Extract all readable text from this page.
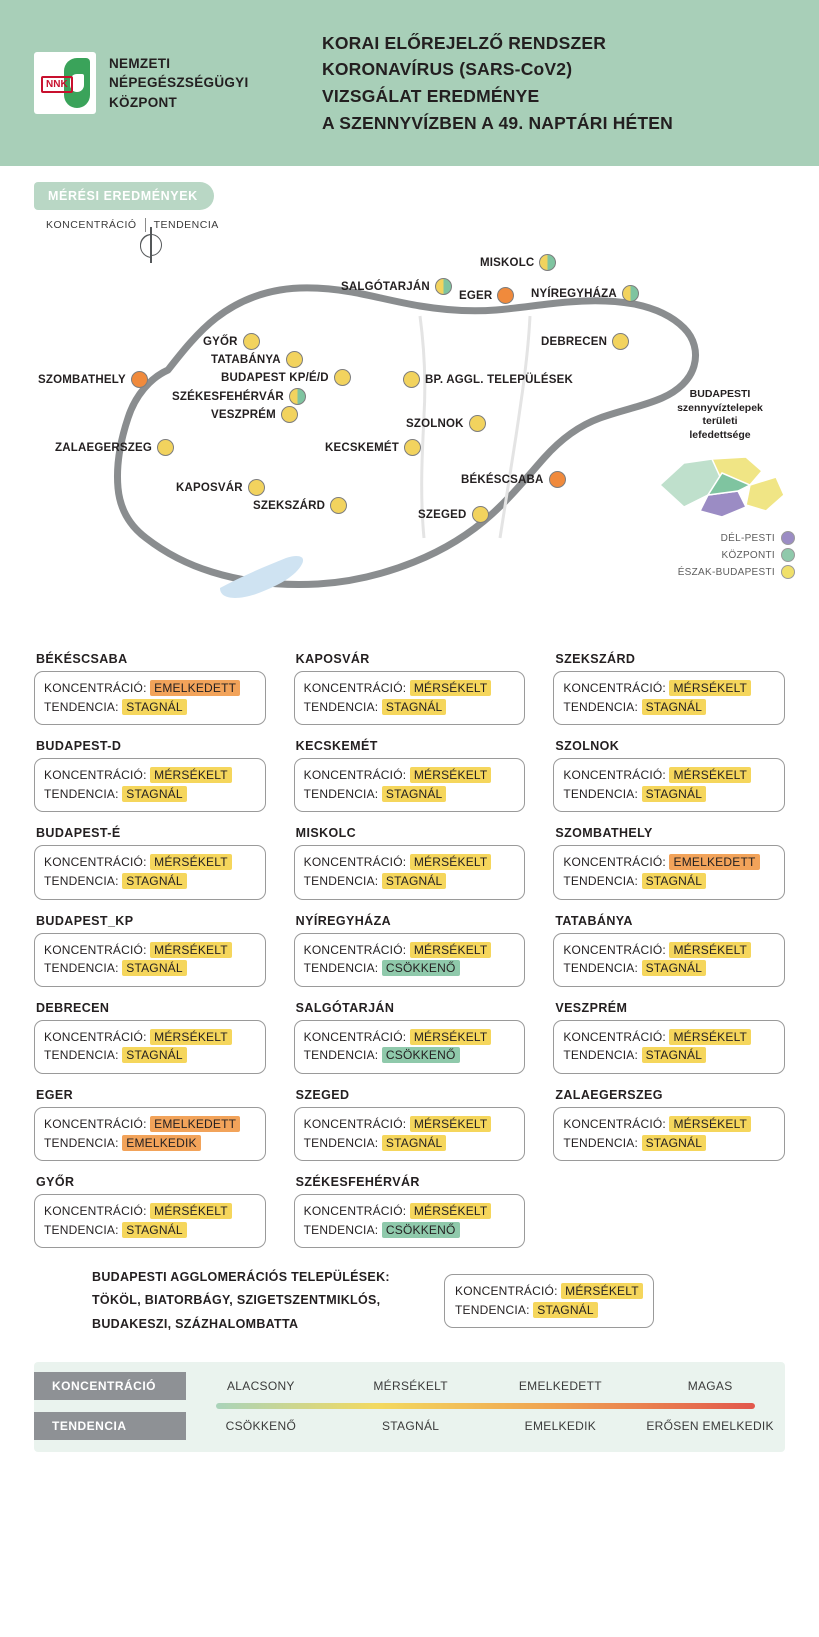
NNK
NEMZETI
NÉPEGÉSZSÉGÜGYI
KÖZPONT
KORAI ELŐREJELZŐ RENDSZER
KORONAVÍRUS (SARS-CoV2)
VIZSGÁLAT EREDMÉNYE
A SZENNYVÍZBEN A 49. NAPTÁRI HÉTEN
MÉRÉSI EREDMÉNYEK
KONCENTRÁCIÓ TENDENCIA
MISKOLC
SALGÓTARJÁN
EGER	NYÍREGYHÁZA
GYŐR
TATABÁNYA
BUDAPEST KP/É/D
DEBRECEN
SZOMBATHELY	BP. AGGL. TELEPÜLÉSEK
SZÉKESFEHÉRVÁR
VESZPRÉM
SZOLNOK
ZALAEGERSZEG	KECSKEMÉT
KAPOSVÁR
BÉKÉSCSABA
SZEKSZÁRD
SZEGED
BUDAPESTI
szennyvíztelepek
területi
lefedettsége
DÉL-PESTI
KÖZPONTI
ÉSZAK-BUDAPESTI
BÉKÉSCSABA
KONCENTRÁCIÓ: EMELKEDETT
TENDENCIA: STAGNÁL
KAPOSVÁR
KONCENTRÁCIÓ: MÉRSÉKELT
TENDENCIA: STAGNÁL
SZEKSZÁRD
KONCENTRÁCIÓ: MÉRSÉKELT
TENDENCIA: STAGNÁL
BUDAPEST-D
KONCENTRÁCIÓ: MÉRSÉKELT
TENDENCIA: STAGNÁL
KECSKEMÉT
KONCENTRÁCIÓ: MÉRSÉKELT
TENDENCIA: STAGNÁL
SZOLNOK
KONCENTRÁCIÓ: MÉRSÉKELT
TENDENCIA: STAGNÁL
BUDAPEST-É
KONCENTRÁCIÓ: MÉRSÉKELT
TENDENCIA: STAGNÁL
MISKOLC
KONCENTRÁCIÓ: MÉRSÉKELT
TENDENCIA: STAGNÁL
SZOMBATHELY
KONCENTRÁCIÓ: EMELKEDETT
TENDENCIA: STAGNÁL
BUDAPEST_KP
KONCENTRÁCIÓ: MÉRSÉKELT
TENDENCIA: STAGNÁL
NYÍREGYHÁZA
KONCENTRÁCIÓ: MÉRSÉKELT
TENDENCIA: CSÖKKENŐ
TATABÁNYA
KONCENTRÁCIÓ: MÉRSÉKELT
TENDENCIA: STAGNÁL
DEBRECEN
KONCENTRÁCIÓ: MÉRSÉKELT
TENDENCIA: STAGNÁL
SALGÓTARJÁN
KONCENTRÁCIÓ: MÉRSÉKELT
TENDENCIA: CSÖKKENŐ
VESZPRÉM
KONCENTRÁCIÓ: MÉRSÉKELT
TENDENCIA: STAGNÁL
EGER
KONCENTRÁCIÓ: EMELKEDETT
TENDENCIA: EMELKEDIK
SZEGED
KONCENTRÁCIÓ: MÉRSÉKELT
TENDENCIA: STAGNÁL
ZALAEGERSZEG
KONCENTRÁCIÓ: MÉRSÉKELT
TENDENCIA: STAGNÁL
GYŐR
KONCENTRÁCIÓ: MÉRSÉKELT
TENDENCIA: STAGNÁL
SZÉKESFEHÉRVÁR
KONCENTRÁCIÓ: MÉRSÉKELT
TENDENCIA: CSÖKKENŐ
BUDAPESTI AGGLOMERÁCIÓS TELEPÜLÉSEK:
TÖKÖL, BIATORBÁGY, SZIGETSZENTMIKLÓS,
BUDAKESZI, SZÁZHALOMBATTA
KONCENTRÁCIÓ: MÉRSÉKELT
TENDENCIA: STAGNÁL
KONCENTRÁCIÓ	ALACSONY	MÉRSÉKELT	EMELKEDETT	MAGAS
TENDENCIA	CSÖKKENŐ	STAGNÁL	EMELKEDIK	ERŐSEN EMELKEDIK
